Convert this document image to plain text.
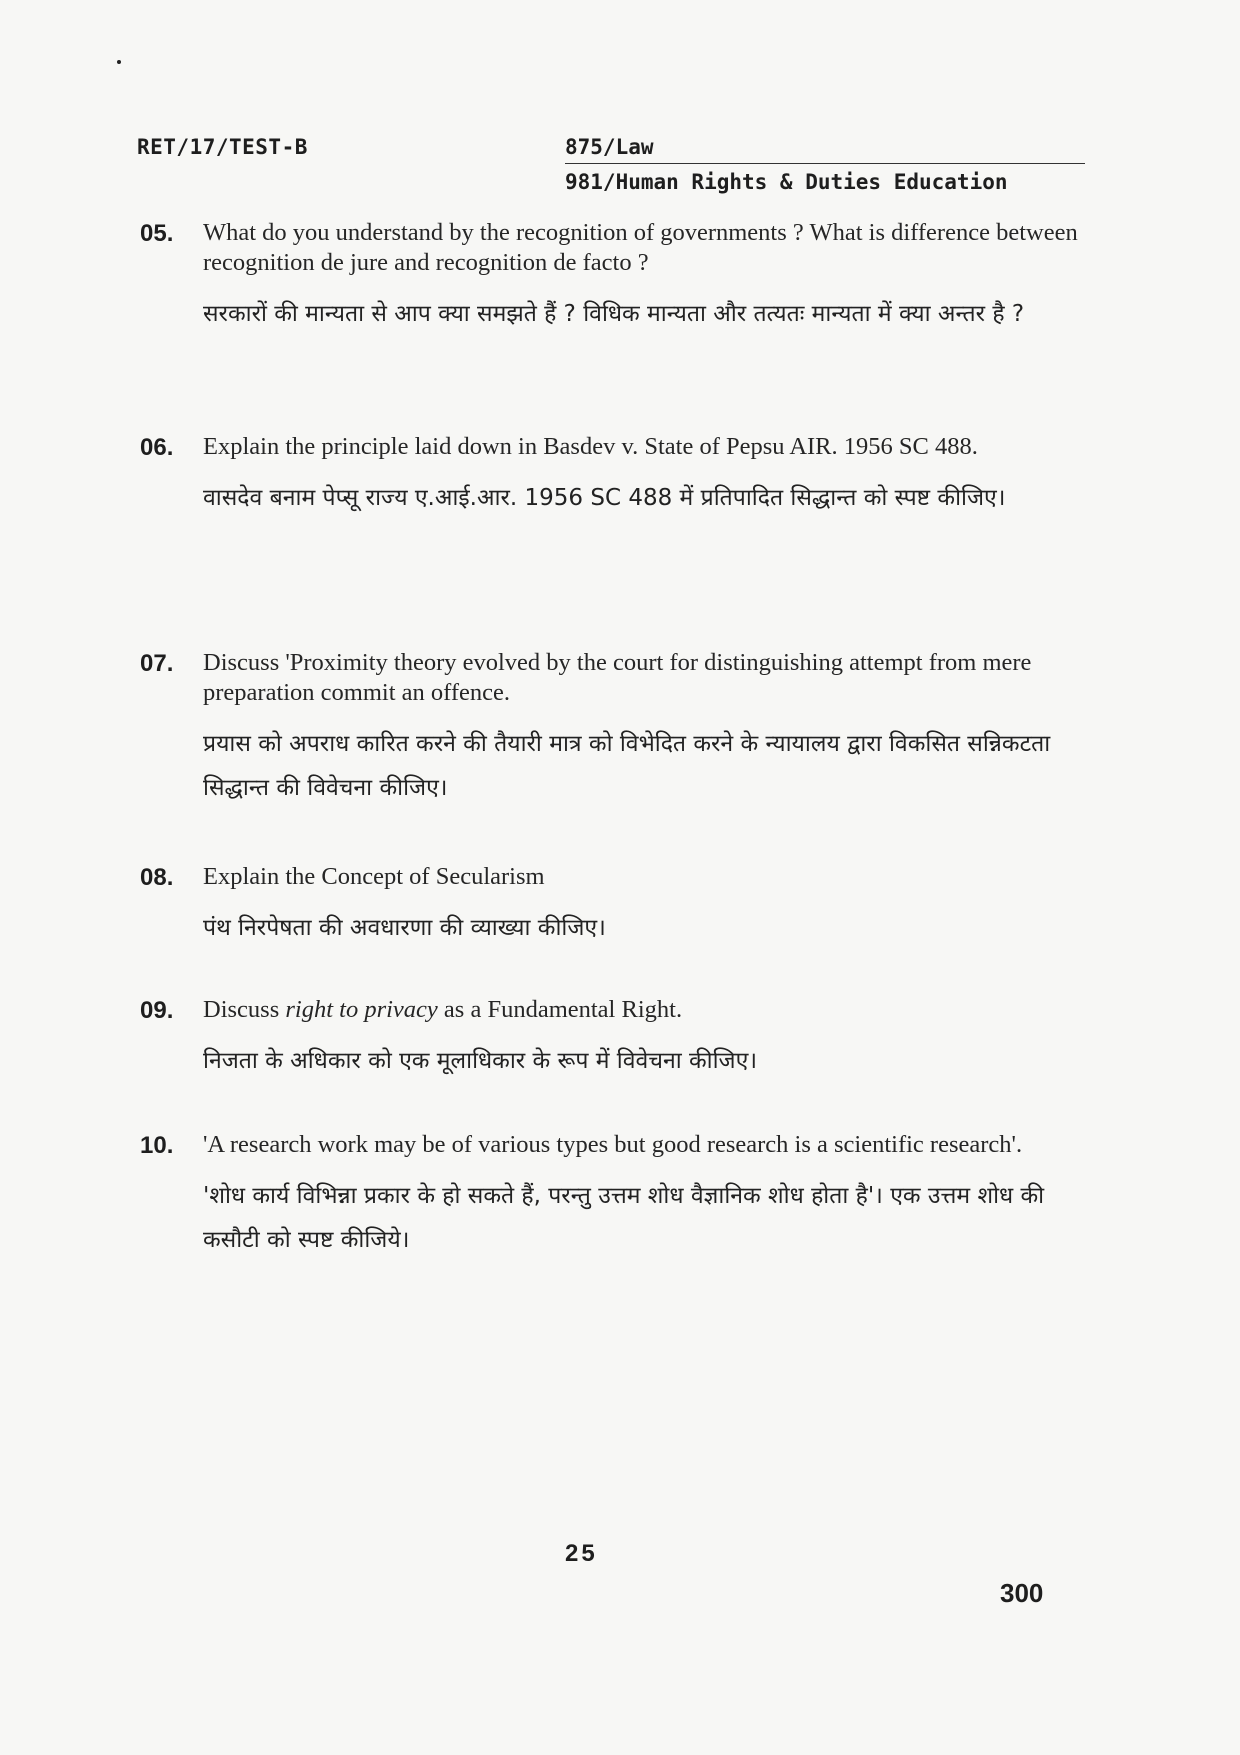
RET/17/TEST-B	875/Law
981/Human Rights & Duties Education
05. What do you understand by the recognition of governments ? What is difference between recognition de jure and recognition de facto ?
सरकारों की मान्यता से आप क्या समझते हैं ? विधिक मान्यता और तत्यतः मान्यता में क्या अन्तर है ?
06. Explain the principle laid down in Basdev v. State of Pepsu AIR. 1956 SC 488.
वासदेव बनाम पेप्सू राज्य ए.आई.आर. 1956 SC 488 में प्रतिपादित सिद्धान्त को स्पष्ट कीजिए।
07. Discuss 'Proximity theory evolved by the court for distinguishing attempt from mere preparation commit an offence.
प्रयास को अपराध कारित करने की तैयारी मात्र को विभेदित करने के न्यायालय द्वारा विकसित सन्निकटता सिद्धान्त की विवेचना कीजिए।
08. Explain the Concept of Secularism
पंथ निरपेषता की अवधारणा की व्याख्या कीजिए।
09. Discuss right to privacy as a Fundamental Right.
निजता के अधिकार को एक मूलाधिकार के रूप में विवेचना कीजिए।
10. 'A research work may be of various types but good research is a scientific research'.
'शोध कार्य विभिन्ना प्रकार के हो सकते हैं, परन्तु उत्तम शोध वैज्ञानिक शोध होता है'। एक उत्तम शोध की कसौटी को स्पष्ट कीजिये।
25
300
